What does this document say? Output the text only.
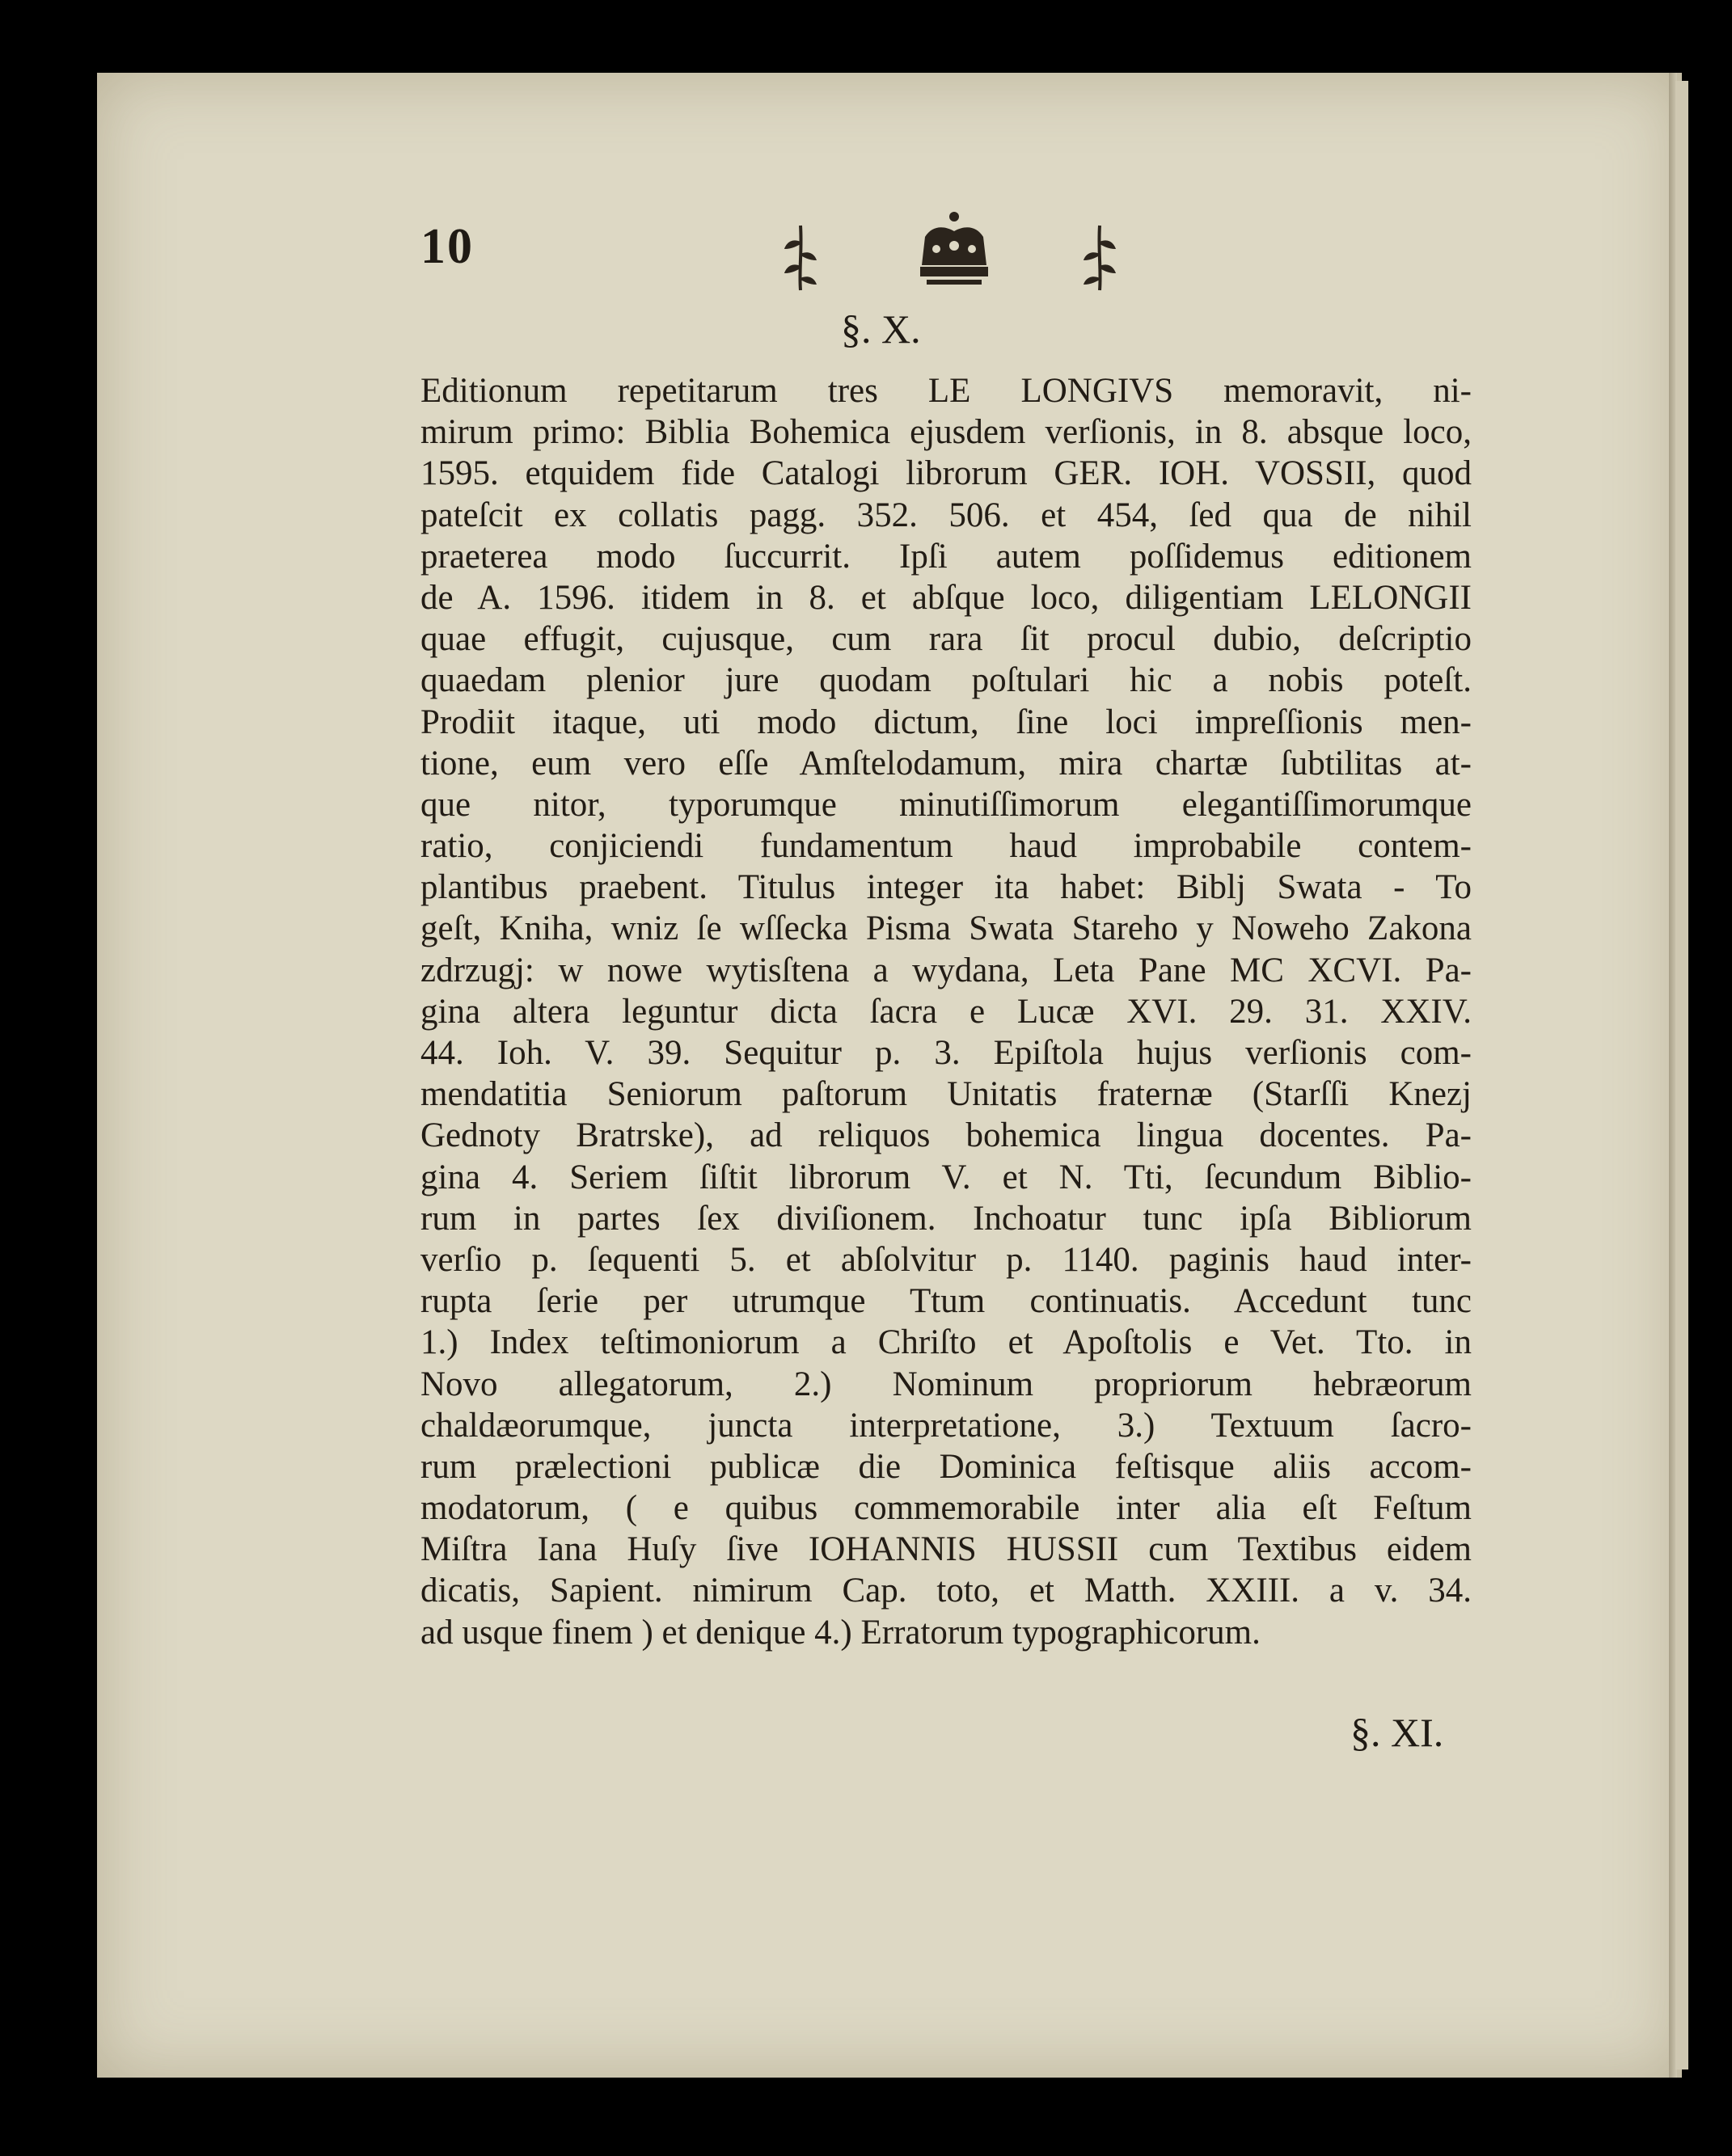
10
§. X.
Editionum repetitarum tres LE LONGIVS memoravit, ni-
mirum primo: Biblia Bohemica ejusdem verſionis, in 8. absque loco,
1595. etquidem fide Catalogi librorum GER. IOH. VOSSII, quod
pateſcit ex collatis pagg. 352. 506. et 454, ſed qua de nihil
praeterea modo ſuccurrit. Ipſi autem poſſidemus editionem
de A. 1596. itidem in 8. et abſque loco, diligentiam LELONGII
quae effugit, cujusque, cum rara ſit procul dubio, deſcriptio
quaedam plenior jure quodam poſtulari hic a nobis poteſt.
Prodiit itaque, uti modo dictum, ſine loci impreſſionis men-
tione, eum vero eſſe Amſtelodamum, mira chartæ ſubtilitas at-
que nitor, typorumque minutiſſimorum elegantiſſimorumque
ratio, conjiciendi fundamentum haud improbabile contem-
plantibus praebent. Titulus integer ita habet: Biblj Swata - To
geſt, Kniha, wniz ſe wſſecka Pisma Swata Stareho y Noweho Zakona
zdrzugj: w nowe wytisſtena a wydana, Leta Pane MC XCVI. Pa-
gina altera leguntur dicta ſacra e Lucæ XVI. 29. 31. XXIV.
44. Ioh. V. 39. Sequitur p. 3. Epiſtola hujus verſionis com-
mendatitia Seniorum paſtorum Unitatis fraternæ (Starſſi Knezj
Gednoty Bratrske), ad reliquos bohemica lingua docentes. Pa-
gina 4. Seriem ſiſtit librorum V. et N. Tti, ſecundum Biblio-
rum in partes ſex diviſionem. Inchoatur tunc ipſa Bibliorum
verſio p. ſequenti 5. et abſolvitur p. 1140. paginis haud inter-
rupta ſerie per utrumque Ttum continuatis. Accedunt tunc
1.) Index teſtimoniorum a Chriſto et Apoſtolis e Vet. Tto. in
Novo allegatorum, 2.) Nominum propriorum hebræorum
chaldæorumque, juncta interpretatione, 3.) Textuum ſacro-
rum prælectioni publicæ die Dominica feſtisque aliis accom-
modatorum, ( e quibus commemorabile inter alia eſt Feſtum
Miſtra Iana Huſy ſive IOHANNIS HUSSII cum Textibus eidem
dicatis, Sapient. nimirum Cap. toto, et Matth. XXIII. a v. 34.
ad usque finem ) et denique 4.) Erratorum typographicorum.
§. XI.
